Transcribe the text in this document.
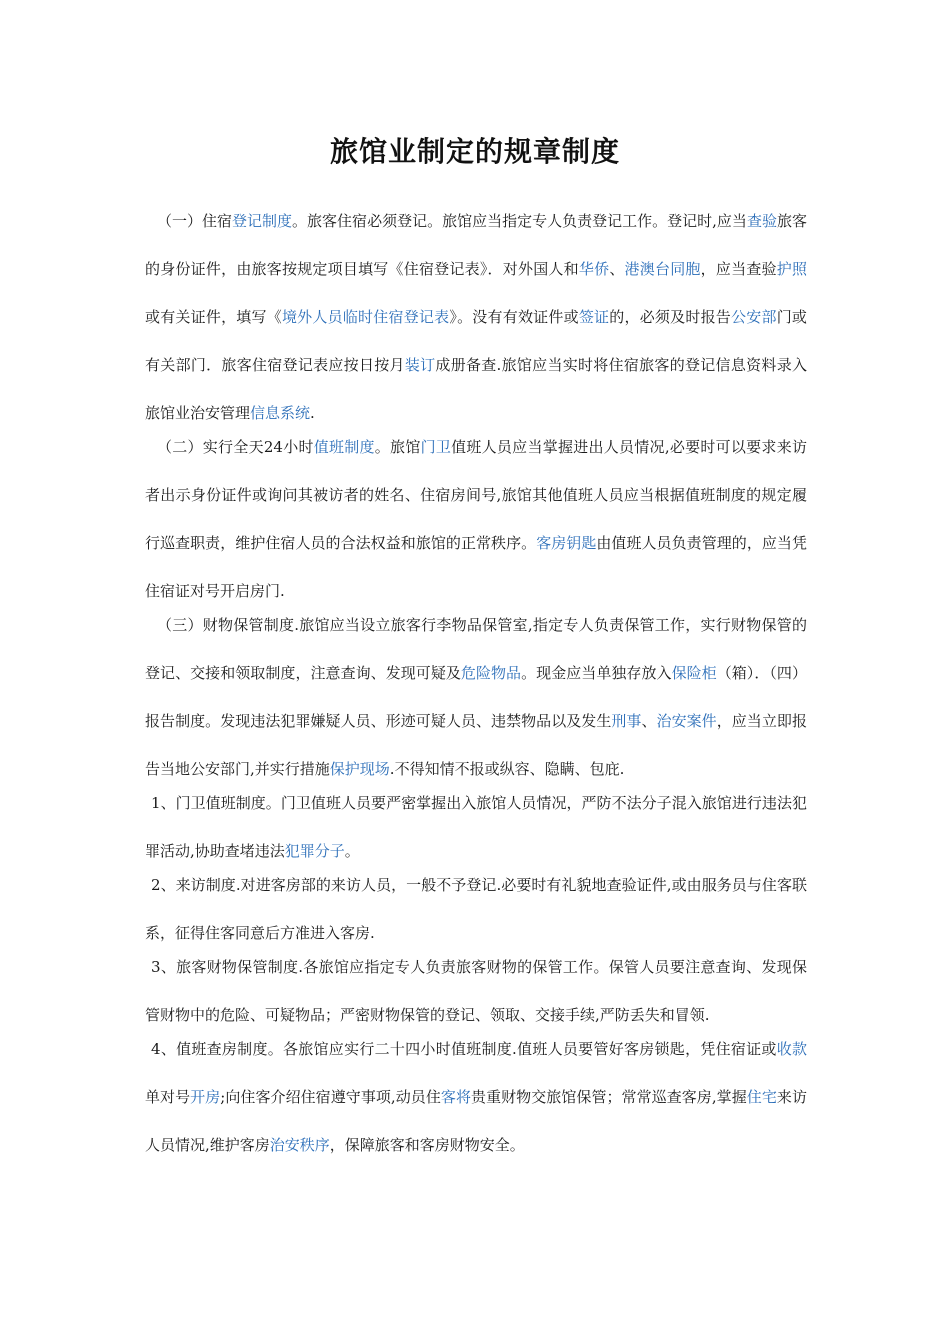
旅馆业制定的规章制度

（一）住宿登记制度。旅客住宿必须登记。旅馆应当指定专人负责登记工作。登记时,应当查验旅客的身份证件，由旅客按规定项目填写《住宿登记表》．对外国人和华侨、港澳台同胞，应当查验护照或有关证件，填写《境外人员临时住宿登记表》。没有有效证件或签证的，必须及时报告公安部门或有关部门．旅客住宿登记表应按日按月装订成册备查.旅馆应当实时将住宿旅客的登记信息资料录入旅馆业治安管理信息系统.

（二）实行全天24小时值班制度。旅馆门卫值班人员应当掌握进出人员情况,必要时可以要求来访者出示身份证件或询问其被访者的姓名、住宿房间号,旅馆其他值班人员应当根据值班制度的规定履行巡查职责，维护住宿人员的合法权益和旅馆的正常秩序。客房钥匙由值班人员负责管理的，应当凭住宿证对号开启房门.

（三）财物保管制度.旅馆应当设立旅客行李物品保管室,指定专人负责保管工作，实行财物保管的登记、交接和领取制度，注意查询、发现可疑及危险物品。现金应当单独存放入保险柜（箱）．（四）报告制度。发现违法犯罪嫌疑人员、形迹可疑人员、违禁物品以及发生刑事、治安案件，应当立即报告当地公安部门,并实行措施保护现场.不得知情不报或纵容、隐瞒、包庇.

1、门卫值班制度。门卫值班人员要严密掌握出入旅馆人员情况，严防不法分子混入旅馆进行违法犯罪活动,协助查堵违法犯罪分子。

2、来访制度.对进客房部的来访人员，一般不予登记.必要时有礼貌地查验证件,或由服务员与住客联系，征得住客同意后方准进入客房.

3、旅客财物保管制度.各旅馆应指定专人负责旅客财物的保管工作。保管人员要注意查询、发现保管财物中的危险、可疑物品；严密财物保管的登记、领取、交接手续,严防丢失和冒领.

4、值班查房制度。各旅馆应实行二十四小时值班制度.值班人员要管好客房锁匙，凭住宿证或收款单对号开房;向住客介绍住宿遵守事项,动员住客将贵重财物交旅馆保管；常常巡查客房,掌握住宅来访人员情况,维护客房治安秩序，保障旅客和客房财物安全。
